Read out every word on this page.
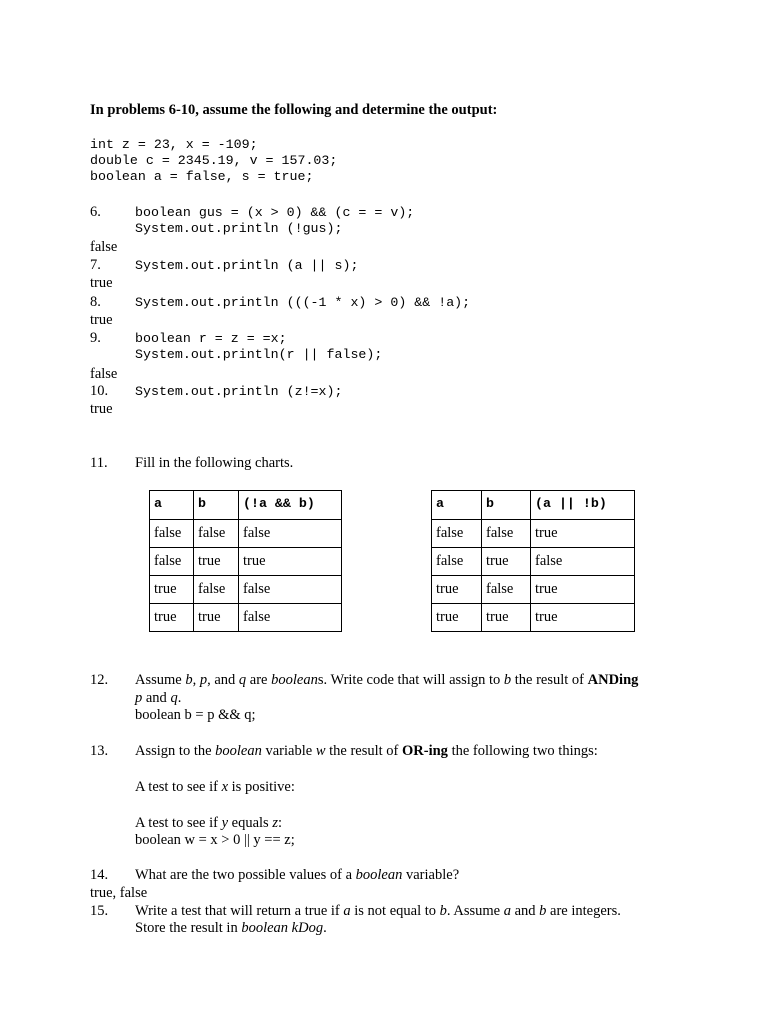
In problems 6-10, assume the following and determine the output:
int z = 23, x = -109;
double c = 2345.19, v = 157.03;
boolean a = false, s = true;
6.	boolean gus = (x > 0) && (c = = v);
System.out.println (!gus);
false
7.	System.out.println (a || s);
true
8.	System.out.println (((-1 * x) > 0) && !a);
true
9.	boolean r = z = =x;
System.out.println(r || false);
false
10. System.out.println (z!=x);
true
11. Fill in the following charts.
a	b	(!a && b)
false	false	false
false	true	true
true	false	false
true	true	false
a	b	(a || !b)
false	false	true
false	true	false
true	false	true
true	true	true
12. Assume b, p, and q are booleans. Write code that will assign to b the result of ANDing
p and q.
boolean b = p && q;
13. Assign to the boolean variable w the result of OR-ing the following two things:
A test to see if x is positive:
A test to see if y equals z:
boolean w = x > 0 || y == z;
14. What are the two possible values of a boolean variable?
true, false
15. Write a test that will return a true if a is not equal to b. Assume a and b are integers.
Store the result in boolean kDog.
